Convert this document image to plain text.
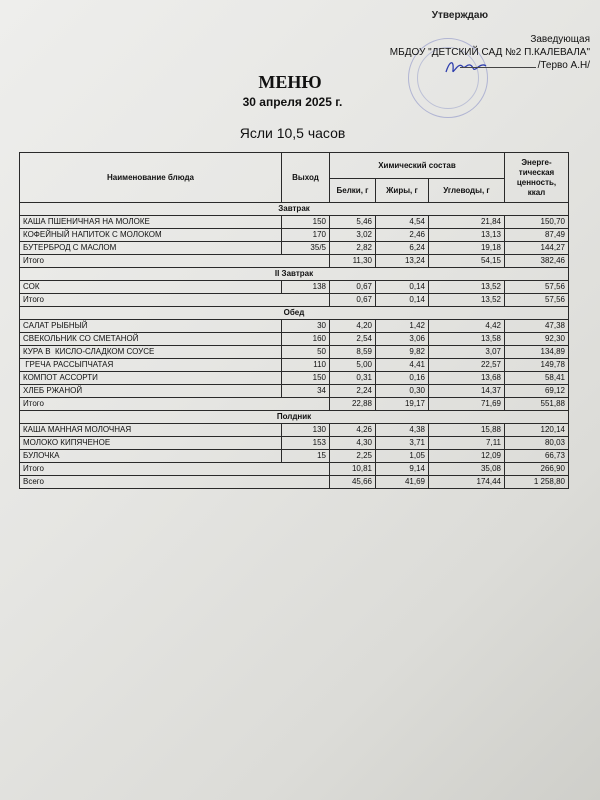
Утверждаю
Заведующая
МБДОУ "ДЕТСКИЙ САД №2 П.КАЛЕВАЛА"
/Терво А.Н/
МЕНЮ
30 апреля 2025 г.
Ясли 10,5 часов
Наименование блюда	Выход	Химический состав			Энерге-тическая ценность, ккал
		Белки, г	Жиры, г	Углеводы, г	
Завтрак					
КАША ПШЕНИЧНАЯ НА МОЛОКЕ	150	5,46	4,54	21,84	150,70
КОФЕЙНЫЙ НАПИТОК С МОЛОКОМ	170	3,02	2,46	13,13	87,49
БУТЕРБРОД С МАСЛОМ	35/5	2,82	6,24	19,18	144,27
Итого		11,30	13,24	54,15	382,46
II Завтрак					
СОК	138	0,67	0,14	13,52	57,56
Итого		0,67	0,14	13,52	57,56
Обед					
САЛАТ РЫБНЫЙ	30	4,20	1,42	4,42	47,38
СВЕКОЛЬНИК СО СМЕТАНОЙ	160	2,54	3,06	13,58	92,30
КУРА В  КИСЛО-СЛАДКОМ СОУСЕ	50	8,59	9,82	3,07	134,89
ГРЕЧА РАССЫПЧАТАЯ	110	5,00	4,41	22,57	149,78
КОМПОТ АССОРТИ	150	0,31	0,16	13,68	58,41
ХЛЕБ РЖАНОЙ	34	2,24	0,30	14,37	69,12
Итого		22,88	19,17	71,69	551,88
Полдник					
КАША МАННАЯ МОЛОЧНАЯ	130	4,26	4,38	15,88	120,14
МОЛОКО КИПЯЧЕНОЕ	153	4,30	3,71	7,11	80,03
БУЛОЧКА	15	2,25	1,05	12,09	66,73
Итого		10,81	9,14	35,08	266,90
Всего		45,66	41,69	174,44	1 258,80
